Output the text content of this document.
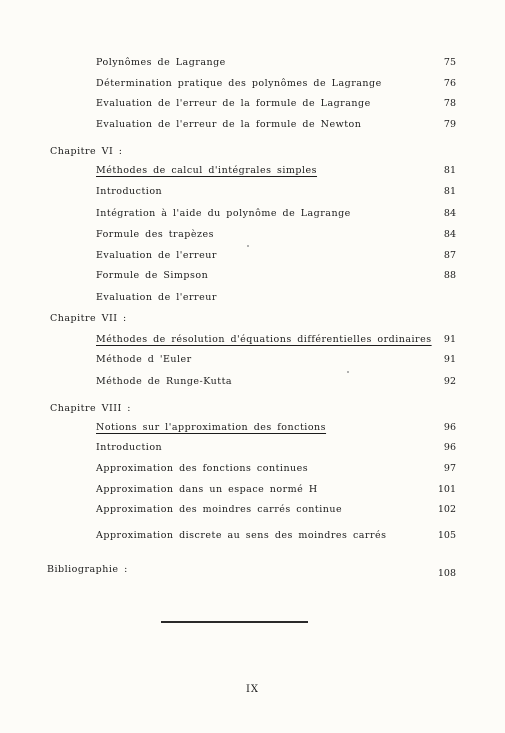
Polynômes de Lagrange	75
Détermination pratique des polynômes de Lagrange	76
Evaluation de l'erreur de la formule de Lagrange	78
Evaluation de l'erreur de la formule de Newton	79
Chapitre VI :
Méthodes de calcul d'intégrales simples	81
Introduction	81
Intégration à l'aide du polynôme de Lagrange	84
Formule des trapèzes	84
Evaluation de l'erreur	87
Formule de Simpson	88
Evaluation de l'erreur
Chapitre VII :
Méthodes de résolution d'équations différentielles ordinaires 91
Méthode d 'Euler	91
Méthode de Runge-Kutta	92
Chapitre VIII :
Notions sur l'approximation des fonctions	96
Introduction	96
Approximation des fonctions continues	97
Approximation dans un espace normé H	101
Approximation des moindres carrés continue	102
Approximation discrete au sens des moindres carrés	105
Bibliographie :	108
IX
